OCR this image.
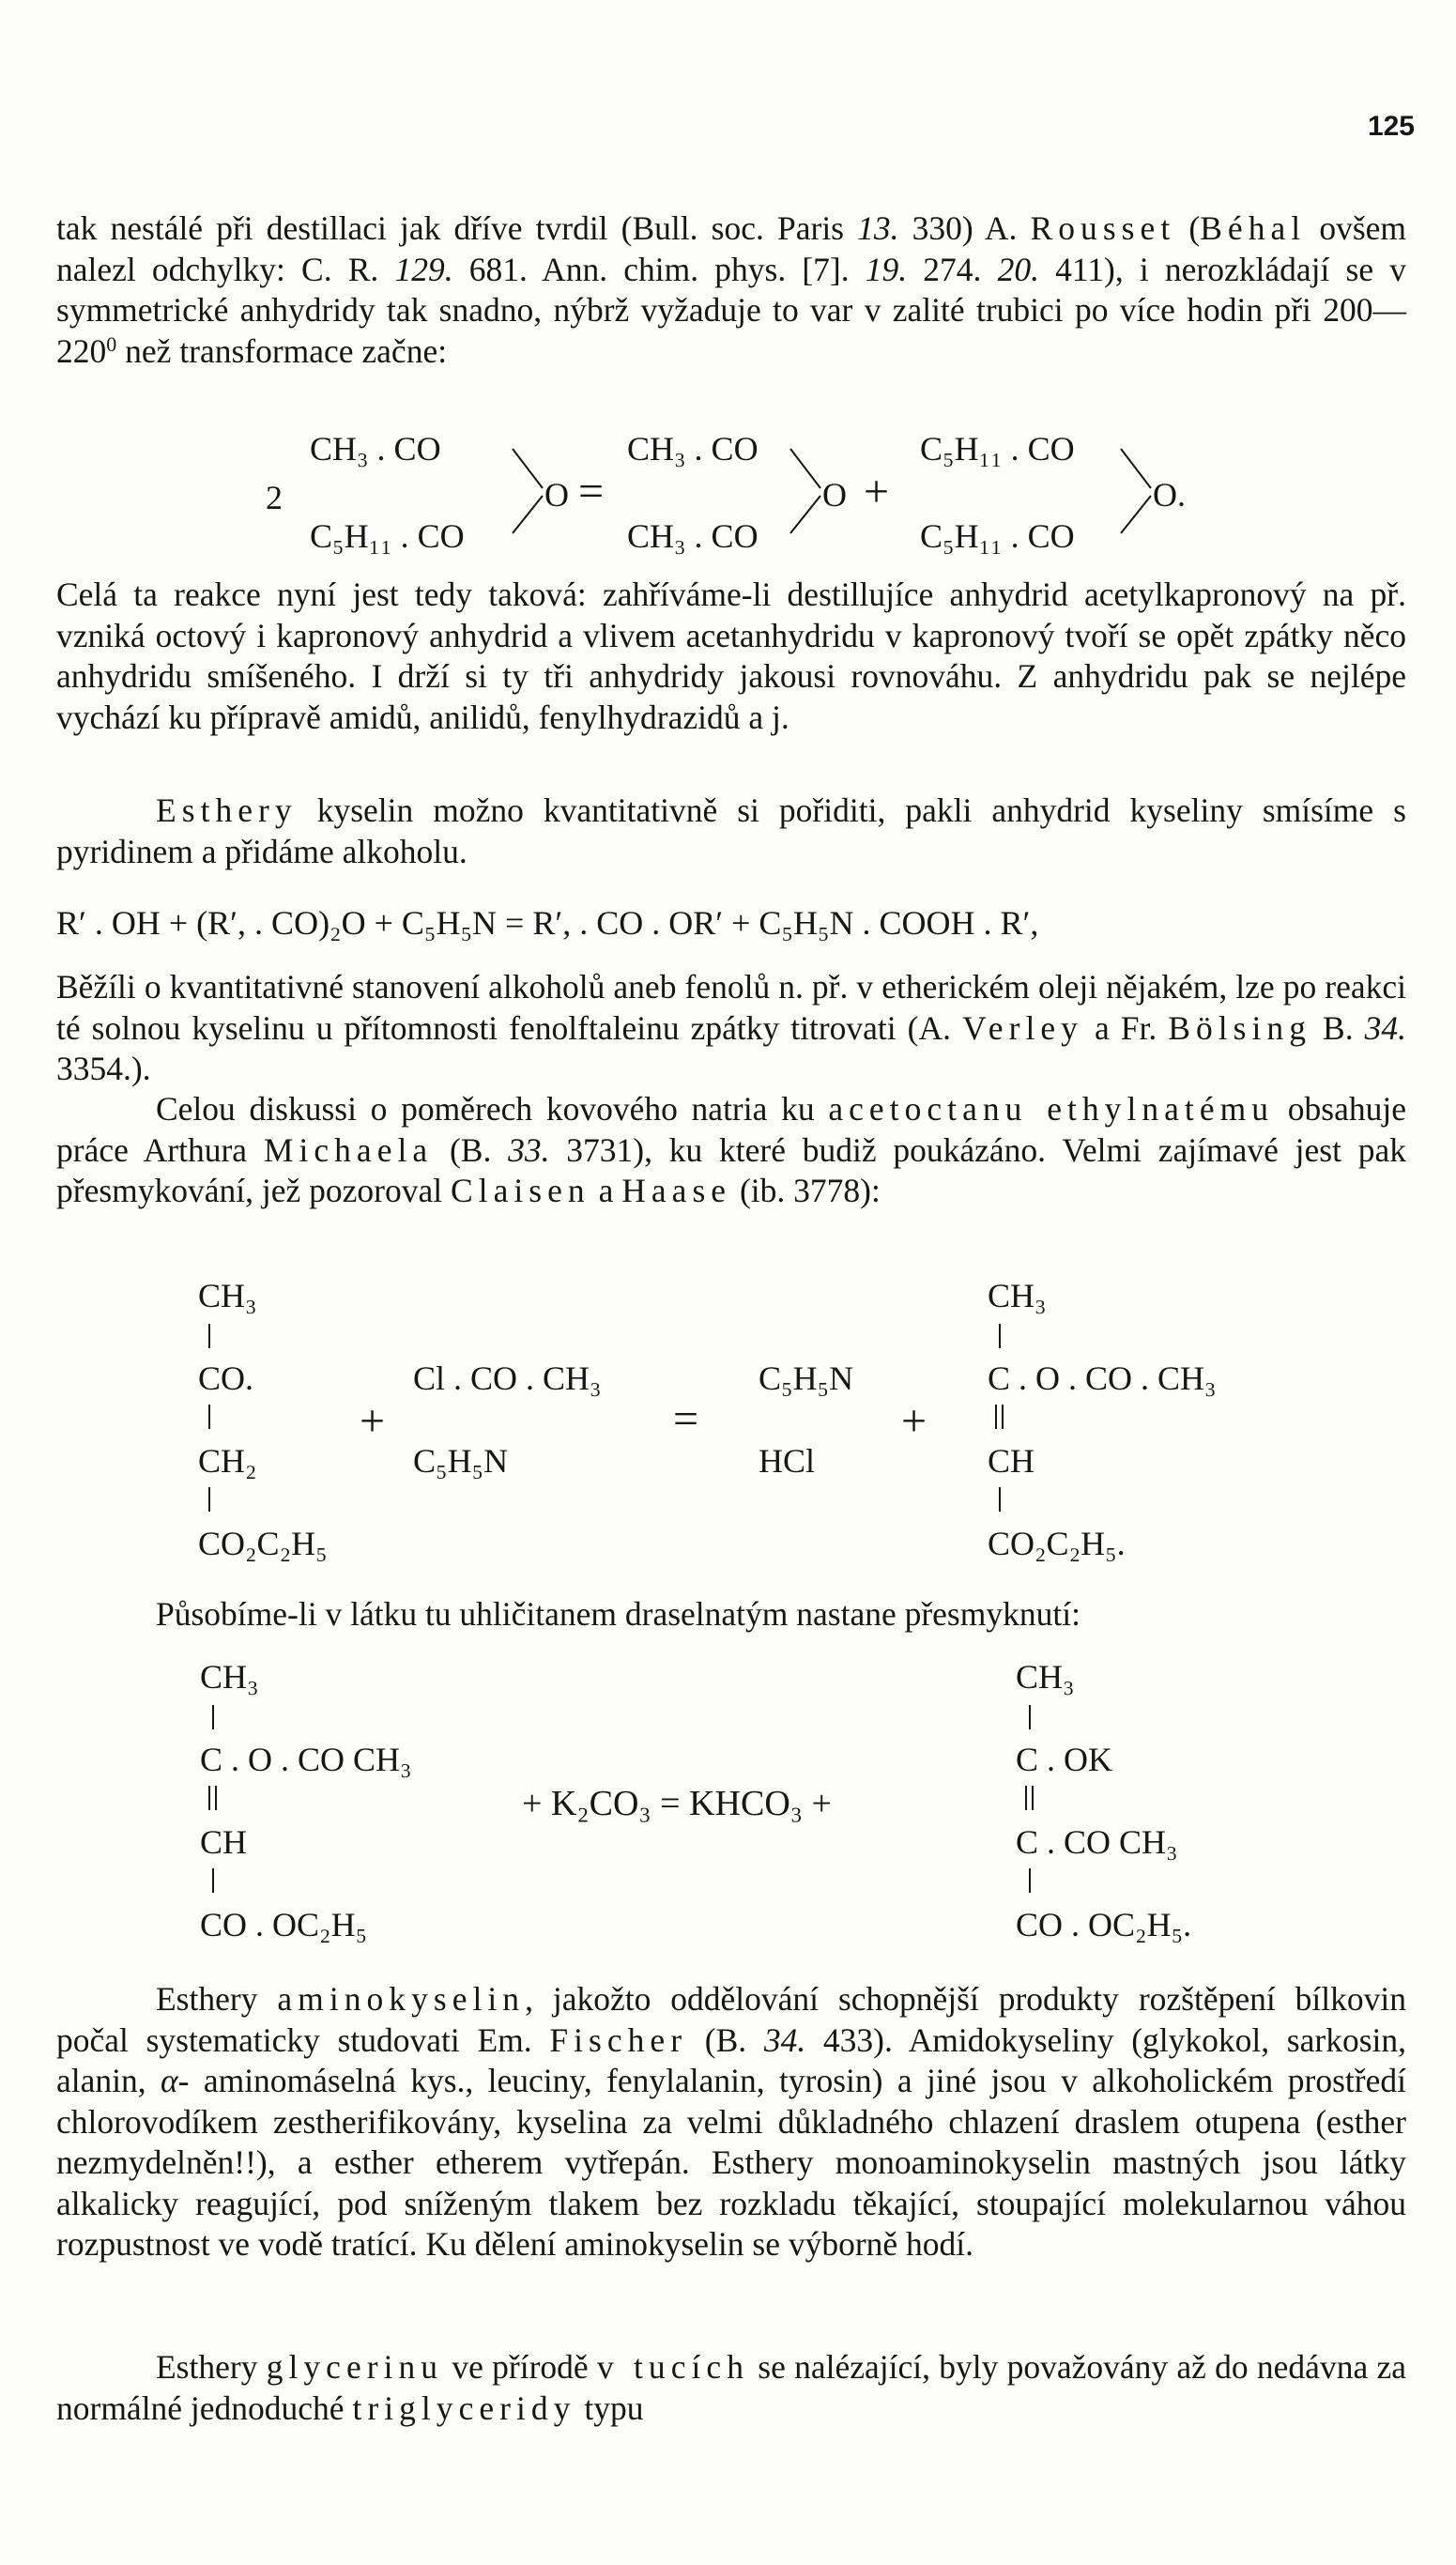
125

tak nestálé při destillaci jak dříve tvrdil (Bull. soc. Paris 13. 330) A. Rousset (Béhal ovšem nalezl odchylky: C. R. 129. 681. Ann. chim. phys. [7]. 19. 274. 20. 411), i nerozkládají se v symmetrické anhydridy tak snadno, nýbrž vyžaduje to var v zalité trubici po více hodin při $200—220^0$ než transformace začne:

2
CH₃ . CO
C₅H₁₁ . CO
O =
CH₃ . CO
CH₃ . CO
O +
C₅H₁₁ . CO
C₅H₁₁ . CO
O.

Celá ta reakce nyní jest tedy taková: zahříváme-li destillujíce anhydrid acetylkapronový na př. vzniká octový i kapronový anhydrid a vlivem acetanhydridu v kapronový tvoří se opět zpátky něco anhydridu smíšeného. I drží si ty tři anhydridy jakousi rovnováhu. Z anhydridu pak se nejlépe vychází ku přípravě amidů, anilidů, fenylhydrazidů a j.

Esthery kyselin možno kvantitativně si pořiditi, pakli anhydrid kyseliny smísíme s pyridinem a přidáme alkoholu.

R′ . OH + (R′, . CO)₂O + C₅H₅N = R′, . CO . OR′ + C₅H₅N . COOH . R′,

Běžíli o kvantitativné stanovení alkoholů aneb fenolů n. př. v etherickém oleji nějakém, lze po reakci té solnou kyselinu u přítomnosti fenolftaleinu zpátky titrovati (A. Verley a Fr. Bölsing B. 34. 3354.).

Celou diskussi o poměrech kovového natria ku acetoctanu ethylnatému obsahuje práce Arthura Michaela (B. 33. 3731), ku které budiž poukázáno. Velmi zajímavé jest pak přesmykování, jež pozoroval Claisen a Haase (ib. 3778):

CH₃
CO.
CH₂
CO₂C₂H₅
+
Cl . CO . CH₃
C₅H₅N
=
C₅H₅N
HCl
+
CH₃
C . O . CO . CH₃
CH
CO₂C₂H₅.

Působíme-li v látku tu uhličitanem draselnatým nastane přesmyknutí:

CH₃
C . O . CO CH₃
CH
CO . OC₂H₅
+ K₂CO₃ = KHCO₃ +
CH₃
C . OK
C . CO CH₃
CO . OC₂H₅.

Esthery aminokyselin, jakožto oddělování schopnější produkty rozštěpení bílkovin počal systematicky studovati Em. Fischer (B. 34. 433). Amidokyseliny (glykokol, sarkosin, alanin, α- aminomáselná kys., leuciny, fenylalanin, tyrosin) a jiné jsou v alkoholickém prostředí chlorovodíkem zestherifikovány, kyselina za velmi důkladného chlazení draslem otupena (esther nezmydelněn!!), a esther etherem vytřepán. Esthery monoaminokyselin mastných jsou látky alkalicky reagující, pod sníženým tlakem bez rozkladu těkající, stoupající molekularnou váhou rozpustnost ve vodě tratící. Ku dělení aminokyselin se výborně hodí.

Esthery glycerinu ve přírodě v tucích se nalézající, byly považovány až do nedávna za normálné jednoduché triglyceridy typu
